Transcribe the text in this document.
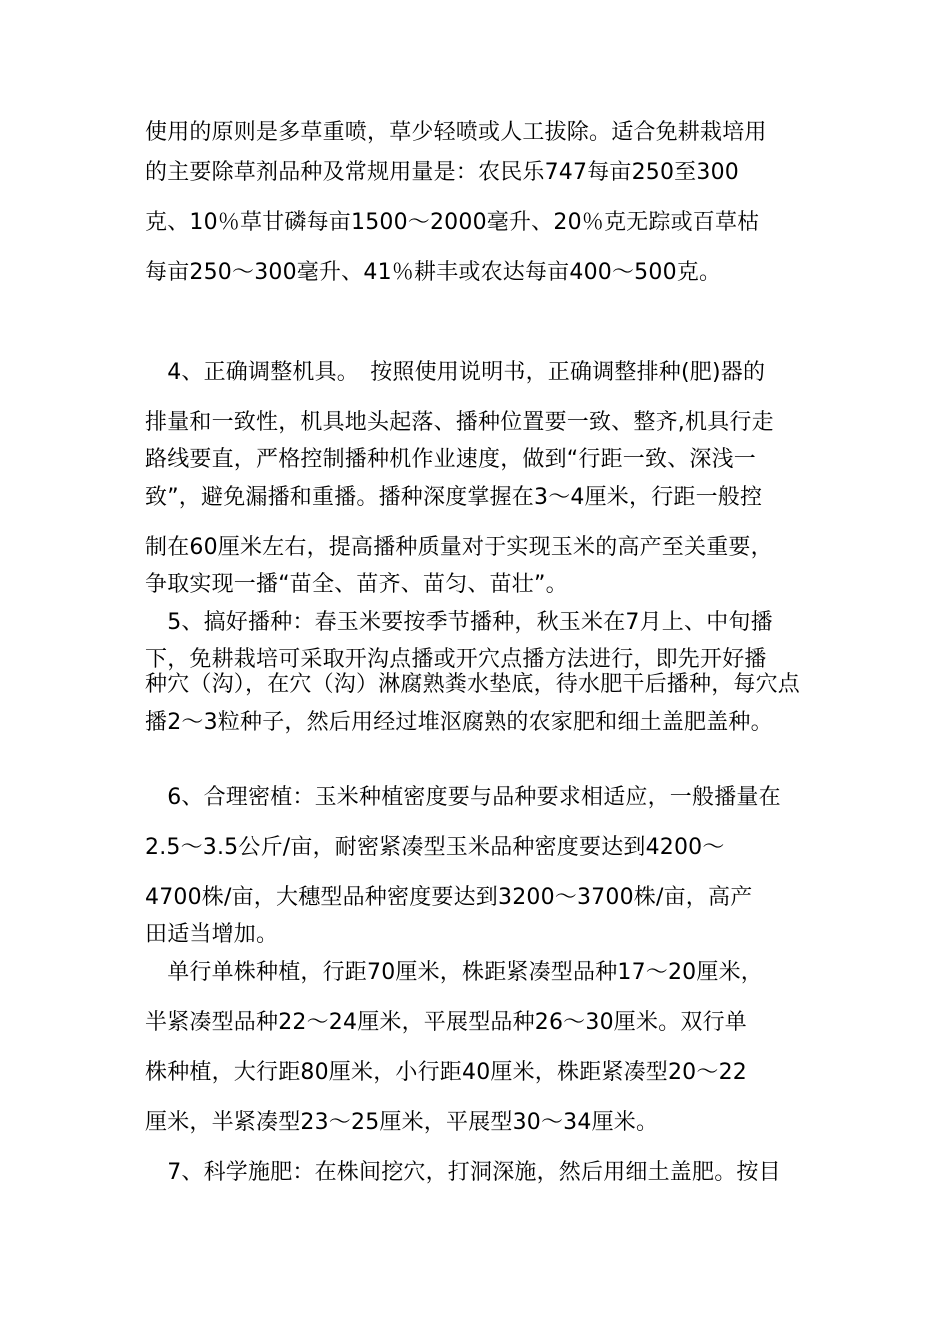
使用的原则是多草重喷，草少轻喷或人工拔除。适合免耕栽培用
的主要除草剂品种及常规用量是：农民乐747每亩250至300
克、10％草甘磷每亩1500～2000毫升、20％克无踪或百草枯
每亩250～300毫升、41％耕丰或农达每亩400～500克。
　4、正确调整机具。　按照使用说明书，正确调整排种(肥)器的
排量和一致性，机具地头起落、播种位置要一致、整齐,机具行走
路线要直，严格控制播种机作业速度，做到“行距一致、深浅一
致”，避免漏播和重播。播种深度掌握在3～4厘米，行距一般控
制在60厘米左右，提高播种质量对于实现玉米的高产至关重要，
争取实现一播“苗全、苗齐、苗匀、苗壮”。
　5、搞好播种：春玉米要按季节播种，秋玉米在7月上、中旬播
下，免耕栽培可采取开沟点播或开穴点播方法进行，即先开好播
种穴（沟），在穴（沟）淋腐熟粪水垫底，待水肥干后播种，每穴点
播2～3粒种子，然后用经过堆沤腐熟的农家肥和细土盖肥盖种。
　6、合理密植：玉米种植密度要与品种要求相适应，一般播量在
2.5～3.5公斤/亩，耐密紧凑型玉米品种密度要达到4200～
4700株/亩，大穗型品种密度要达到3200～3700株/亩，高产
田适当增加。
　单行单株种植，行距70厘米，株距紧凑型品种17～20厘米，
半紧凑型品种22～24厘米，平展型品种26～30厘米。双行单
株种植，大行距80厘米，小行距40厘米，株距紧凑型20～22
厘米，半紧凑型23～25厘米，平展型30～34厘米。
　7、科学施肥：在株间挖穴，打洞深施，然后用细土盖肥。按目
